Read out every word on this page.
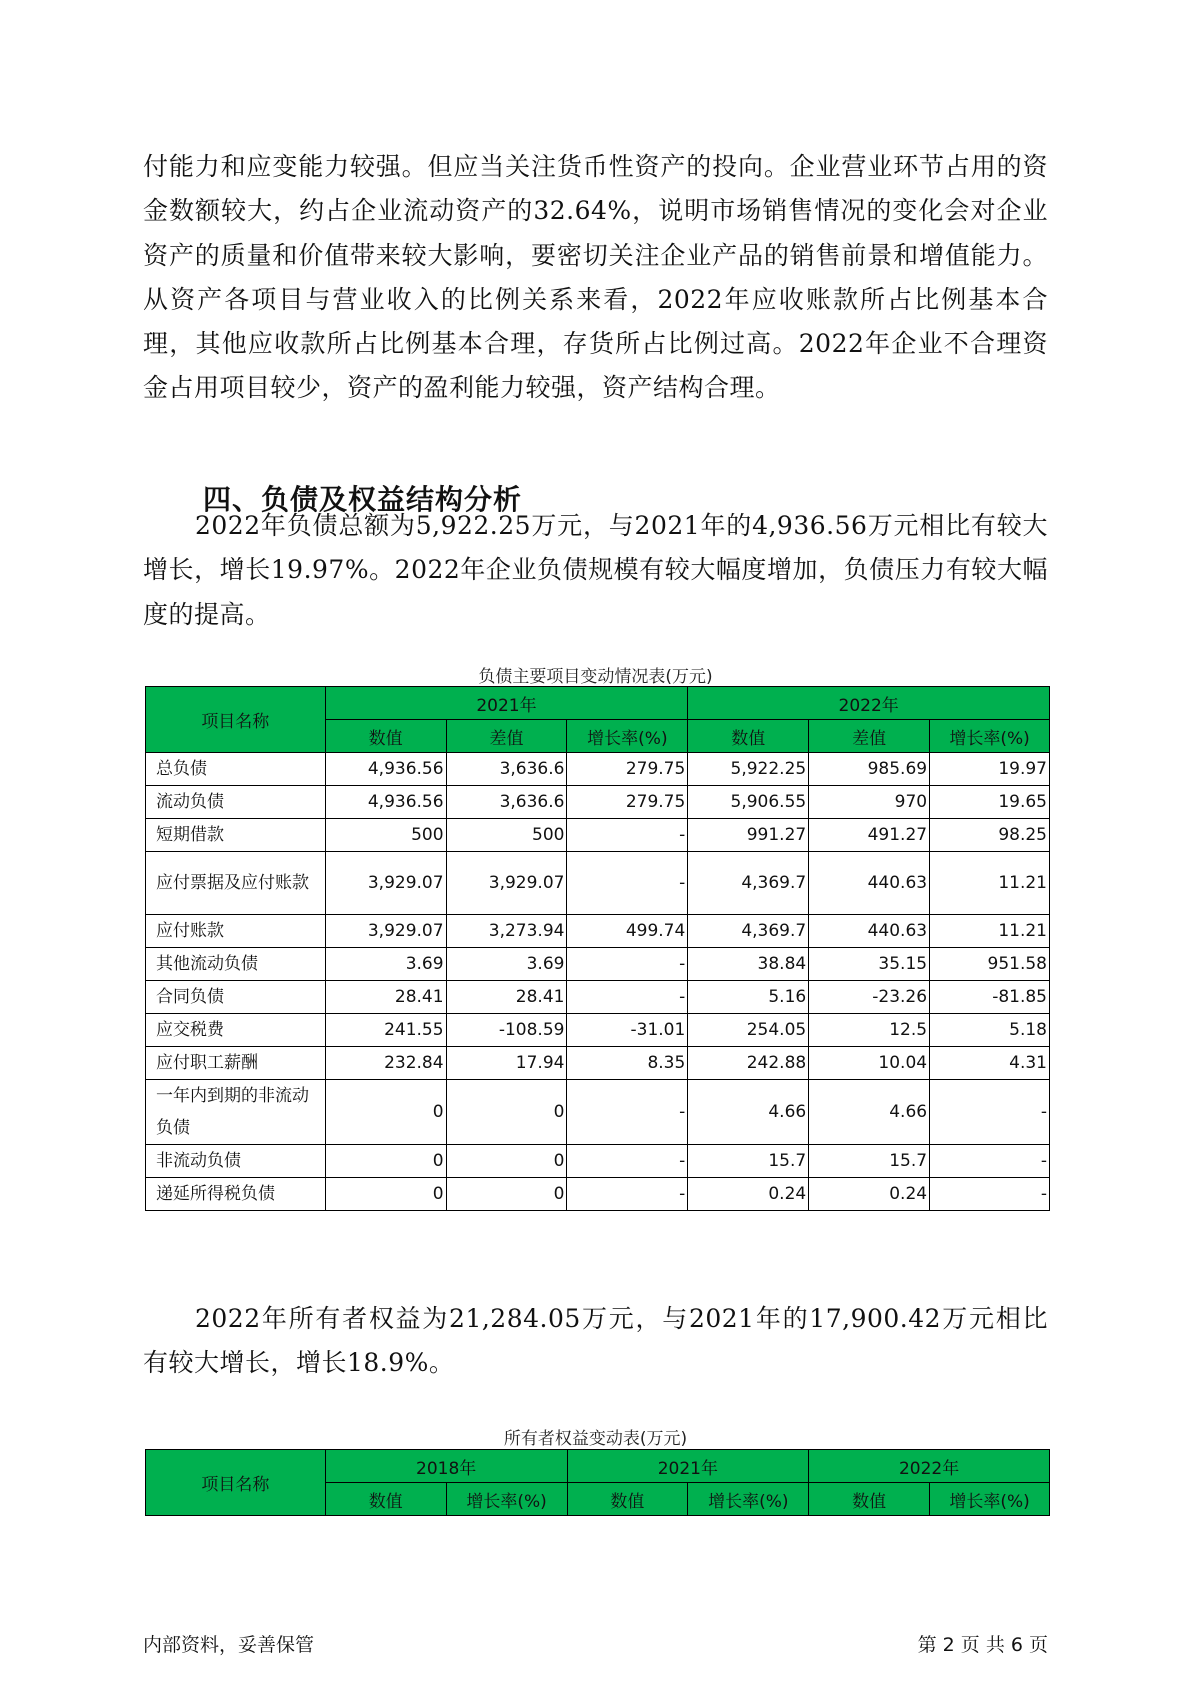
付能力和应变能力较强。但应当关注货币性资产的投向。企业营业环节占用的资金数额较大，约占企业流动资产的32.64%，说明市场销售情况的变化会对企业资产的质量和价值带来较大影响，要密切关注企业产品的销售前景和增值能力。从资产各项目与营业收入的比例关系来看，2022年应收账款所占比例基本合理，其他应收款所占比例基本合理，存货所占比例过高。2022年企业不合理资金占用项目较少，资产的盈利能力较强，资产结构合理。

四、负债及权益结构分析

2022年负债总额为5,922.25万元，与2021年的4,936.56万元相比有较大增长，增长19.97%。2022年企业负债规模有较大幅度增加，负债压力有较大幅度的提高。

负债主要项目变动情况表(万元)
项目名称	2021年			2022年		
	数值	差值	增长率(%)	数值	差值	增长率(%)
总负债	4,936.56	3,636.6	279.75	5,922.25	985.69	19.97
流动负债	4,936.56	3,636.6	279.75	5,906.55	970	19.65
短期借款	500	500	-	991.27	491.27	98.25
应付票据及应付账款	3,929.07	3,929.07	-	4,369.7	440.63	11.21
应付账款	3,929.07	3,273.94	499.74	4,369.7	440.63	11.21
其他流动负债	3.69	3.69	-	38.84	35.15	951.58
合同负债	28.41	28.41	-	5.16	-23.26	-81.85
应交税费	241.55	-108.59	-31.01	254.05	12.5	5.18
应付职工薪酬	232.84	17.94	8.35	242.88	10.04	4.31
一年内到期的非流动负债	0	0	-	4.66	4.66	-
非流动负债	0	0	-	15.7	15.7	-
递延所得税负债	0	0	-	0.24	0.24	-

2022年所有者权益为21,284.05万元，与2021年的17,900.42万元相比有较大增长，增长18.9%。

所有者权益变动表(万元)
项目名称	2018年		2021年		2022年	
	数值	增长率(%)	数值	增长率(%)	数值	增长率(%)
内部资料，妥善保管	第 2 页 共 6 页
